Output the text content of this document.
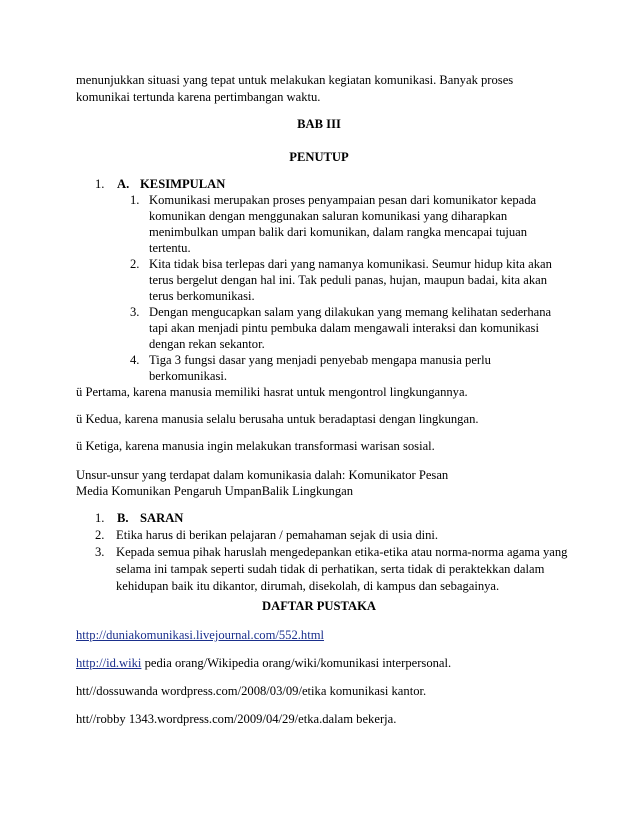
menunjukkan situasi yang tepat untuk melakukan kegiatan komunikasi. Banyak proses
komunikai tertunda karena pertimbangan waktu.
BAB III
PENUTUP
1. A. KESIMPULAN
1. Komunikasi merupakan proses penyampaian pesan dari komunikator kepada
komunikan dengan menggunakan saluran komunikasi yang diharapkan
menimbulkan umpan balik dari komunikan, dalam rangka mencapai tujuan
tertentu.
2. Kita tidak bisa terlepas dari yang namanya komunikasi. Seumur hidup kita akan
terus bergelut dengan hal ini. Tak peduli panas, hujan, maupun badai, kita akan
terus berkomunikasi.
3. Dengan mengucapkan salam yang dilakukan yang memang kelihatan sederhana
tapi akan menjadi pintu pembuka dalam mengawali interaksi dan komunikasi
dengan rekan sekantor.
4. Tiga 3 fungsi dasar yang menjadi penyebab mengapa manusia perlu
berkomunikasi.
ü Pertama, karena manusia memiliki hasrat untuk mengontrol lingkungannya.
ü Kedua, karena manusia selalu berusaha untuk beradaptasi dengan lingkungan.
ü Ketiga, karena manusia ingin melakukan transformasi warisan sosial.
Unsur-unsur yang terdapat dalam komunikasia dalah: Komunikator Pesan
Media Komunikan Pengaruh UmpanBalik Lingkungan
1. B. SARAN
2. Etika harus di berikan pelajaran / pemahaman sejak di usia dini.
3. Kepada semua pihak haruslah mengedepankan etika-etika atau norma-norma agama yang
selama ini tampak seperti sudah tidak di perhatikan, serta tidak di peraktekkan dalam
kehidupan baik itu dikantor, dirumah, disekolah, di kampus dan sebagainya.
DAFTAR PUSTAKA
http://duniakomunikasi.livejournal.com/552.html
http://id.wiki pedia orang/Wikipedia orang/wiki/komunikasi interpersonal.
htt//dossuwanda wordpress.com/2008/03/09/etika komunikasi kantor.
htt//robby 1343.wordpress.com/2009/04/29/etka.dalam bekerja.
